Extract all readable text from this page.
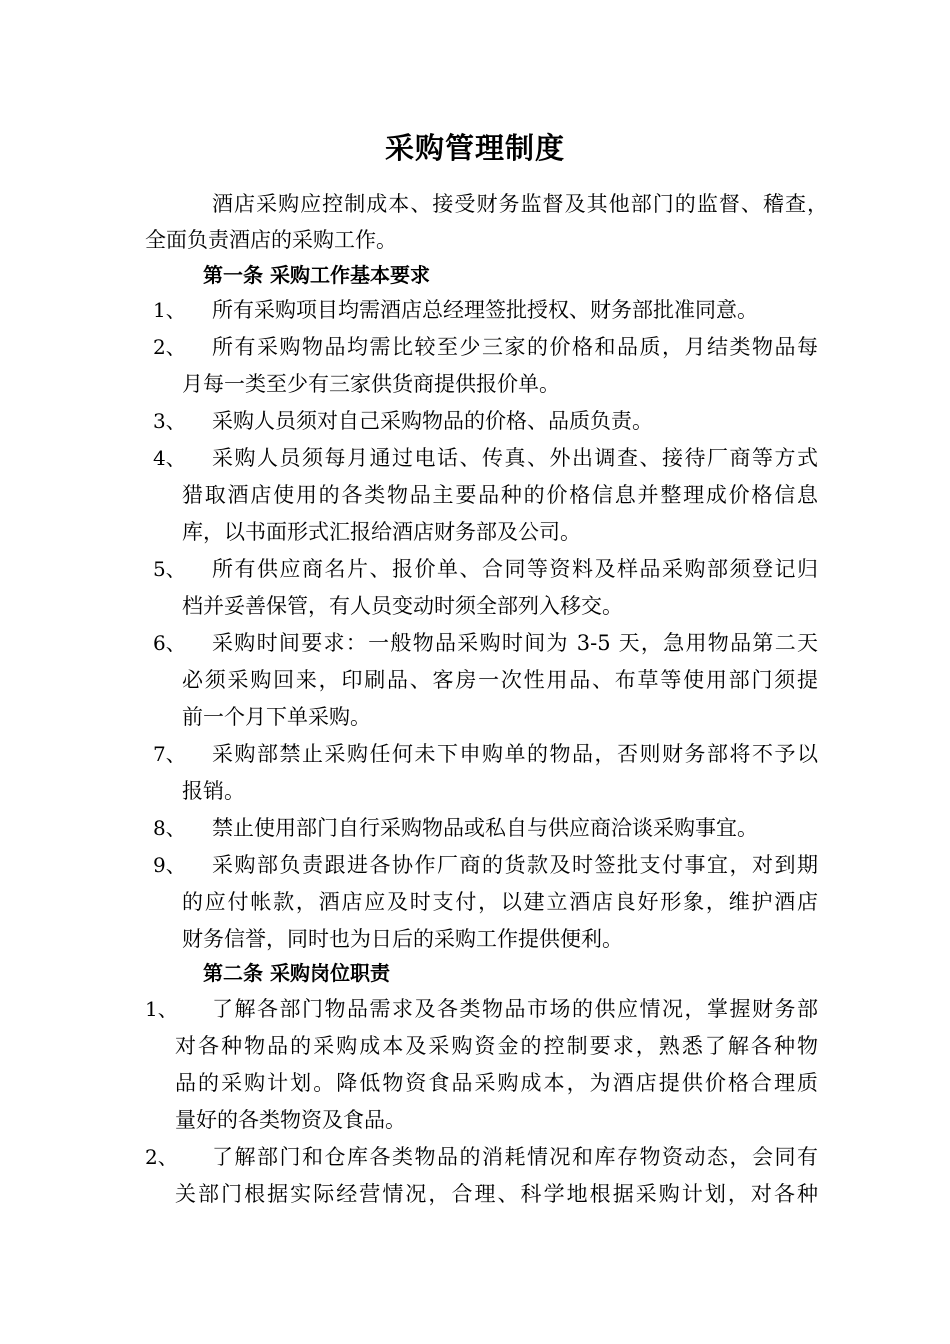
采购管理制度
酒店采购应控制成本、接受财务监督及其他部门的监督、稽查，
全面负责酒店的采购工作。
第一条 采购工作基本要求
1、 所有采购项目均需酒店总经理签批授权、财务部批准同意。
2、 所有采购物品均需比较至少三家的价格和品质，月结类物品每
月每一类至少有三家供货商提供报价单。
3、 采购人员须对自己采购物品的价格、品质负责。
4、 采购人员须每月通过电话、传真、外出调查、接待厂商等方式
猎取酒店使用的各类物品主要品种的价格信息并整理成价格信息
库，以书面形式汇报给酒店财务部及公司。
5、 所有供应商名片、报价单、合同等资料及样品采购部须登记归
档并妥善保管，有人员变动时须全部列入移交。
6、 采购时间要求：一般物品采购时间为 3-5 天，急用物品第二天
必须采购回来，印刷品、客房一次性用品、布草等使用部门须提
前一个月下单采购。
7、 采购部禁止采购任何未下申购单的物品，否则财务部将不予以
报销。
8、 禁止使用部门自行采购物品或私自与供应商洽谈采购事宜。
9、 采购部负责跟进各协作厂商的货款及时签批支付事宜，对到期
的应付帐款，酒店应及时支付，以建立酒店良好形象，维护酒店
财务信誉，同时也为日后的采购工作提供便利。
第二条 采购岗位职责
1、 了解各部门物品需求及各类物品市场的供应情况，掌握财务部
对各种物品的采购成本及采购资金的控制要求，熟悉了解各种物
品的采购计划。降低物资食品采购成本，为酒店提供价格合理质
量好的各类物资及食品。
2、 了解部门和仓库各类物品的消耗情况和库存物资动态，会同有
关部门根据实际经营情况，合理、科学地根据采购计划，对各种
